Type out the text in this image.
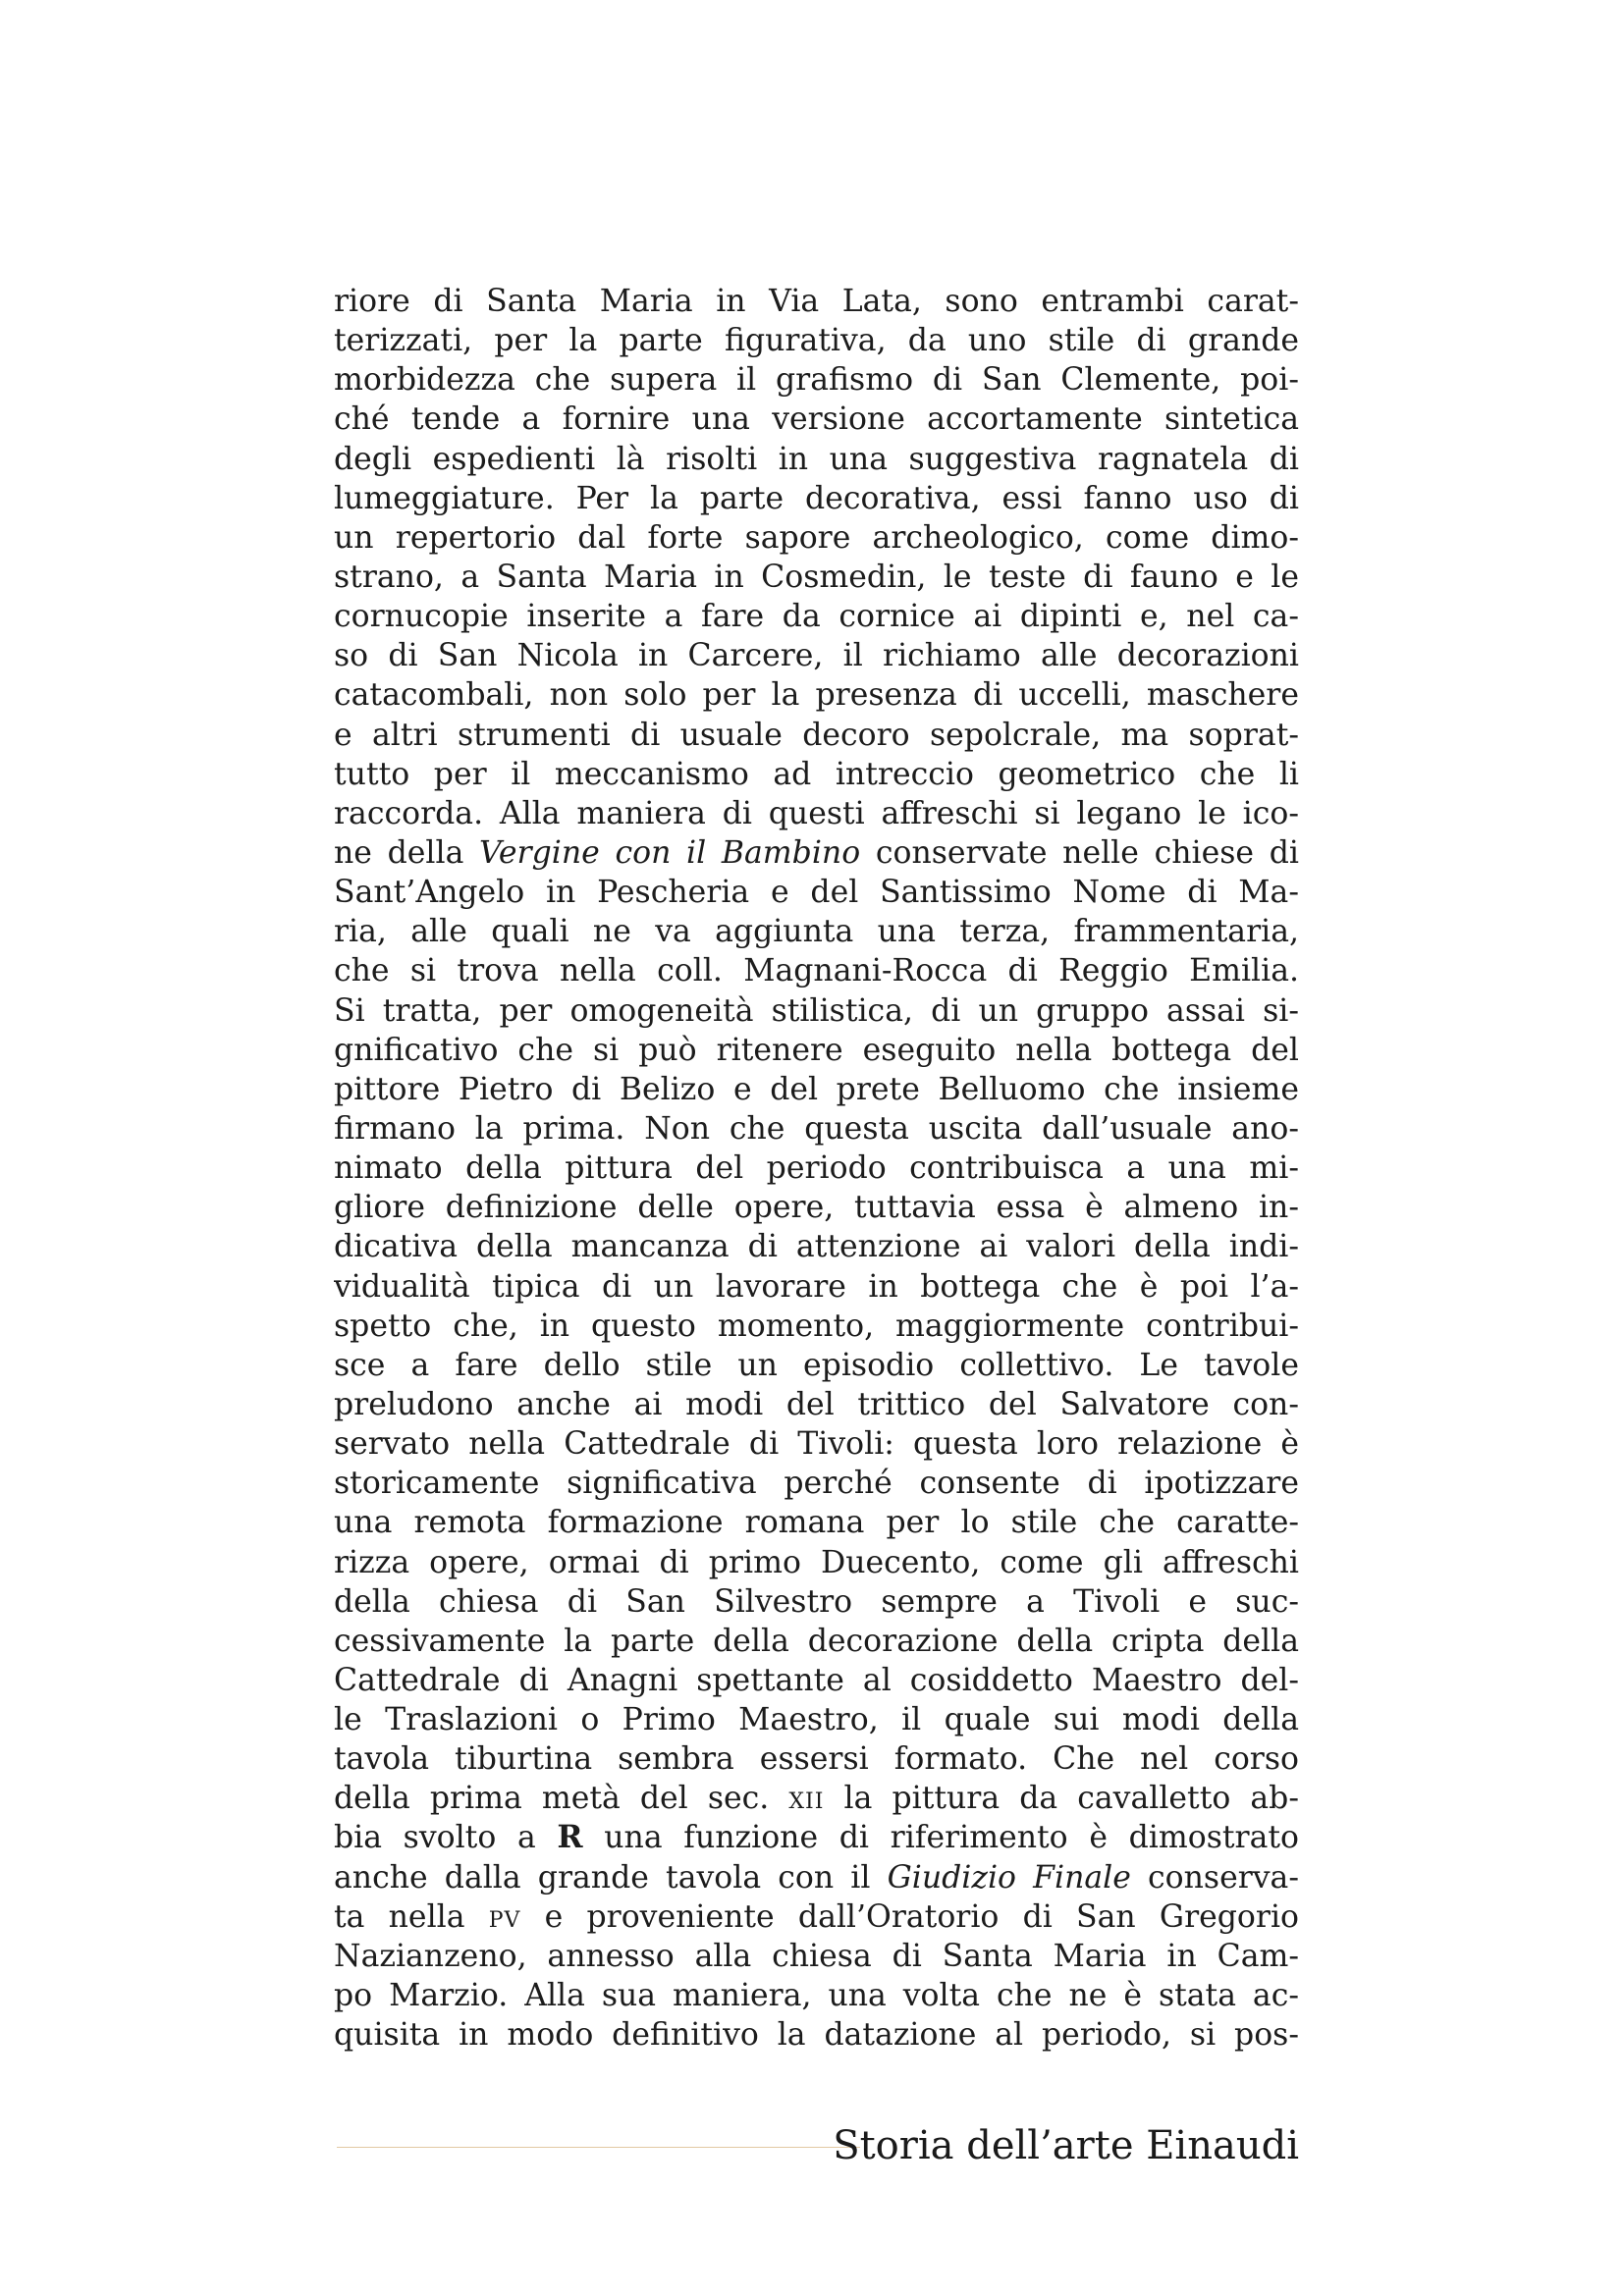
riore di Santa Maria in Via Lata, sono entrambi carat-
terizzati, per la parte figurativa, da uno stile di grande
morbidezza che supera il grafismo di San Clemente, poi-
ché tende a fornire una versione accortamente sintetica
degli espedienti là risolti in una suggestiva ragnatela di
lumeggiature. Per la parte decorativa, essi fanno uso di
un repertorio dal forte sapore archeologico, come dimo-
strano, a Santa Maria in Cosmedin, le teste di fauno e le
cornucopie inserite a fare da cornice ai dipinti e, nel ca-
so di San Nicola in Carcere, il richiamo alle decorazioni
catacombali, non solo per la presenza di uccelli, maschere
e altri strumenti di usuale decoro sepolcrale, ma soprat-
tutto per il meccanismo ad intreccio geometrico che li
raccorda. Alla maniera di questi affreschi si legano le ico-
ne della Vergine con il Bambino conservate nelle chiese di
Sant’Angelo in Pescheria e del Santissimo Nome di Ma-
ria, alle quali ne va aggiunta una terza, frammentaria,
che si trova nella coll. Magnani-Rocca di Reggio Emilia.
Si tratta, per omogeneità stilistica, di un gruppo assai si-
gnificativo che si può ritenere eseguito nella bottega del
pittore Pietro di Belizo e del prete Belluomo che insieme
firmano la prima. Non che questa uscita dall’usuale ano-
nimato della pittura del periodo contribuisca a una mi-
gliore definizione delle opere, tuttavia essa è almeno in-
dicativa della mancanza di attenzione ai valori della indi-
vidualità tipica di un lavorare in bottega che è poi l’a-
spetto che, in questo momento, maggiormente contribui-
sce a fare dello stile un episodio collettivo. Le tavole
preludono anche ai modi del trittico del Salvatore con-
servato nella Cattedrale di Tivoli: questa loro relazione è
storicamente significativa perché consente di ipotizzare
una remota formazione romana per lo stile che caratte-
rizza opere, ormai di primo Duecento, come gli affreschi
della chiesa di San Silvestro sempre a Tivoli e suc-
cessivamente la parte della decorazione della cripta della
Cattedrale di Anagni spettante al cosiddetto Maestro del-
le Traslazioni o Primo Maestro, il quale sui modi della
tavola tiburtina sembra essersi formato. Che nel corso
della prima metà del sec. xii la pittura da cavalletto ab-
bia svolto a R una funzione di riferimento è dimostrato
anche dalla grande tavola con il Giudizio Finale conserva-
ta nella pv e proveniente dall’Oratorio di San Gregorio
Nazianzeno, annesso alla chiesa di Santa Maria in Cam-
po Marzio. Alla sua maniera, una volta che ne è stata ac-
quisita in modo definitivo la datazione al periodo, si pos-
Storia dell’arte Einaudi
